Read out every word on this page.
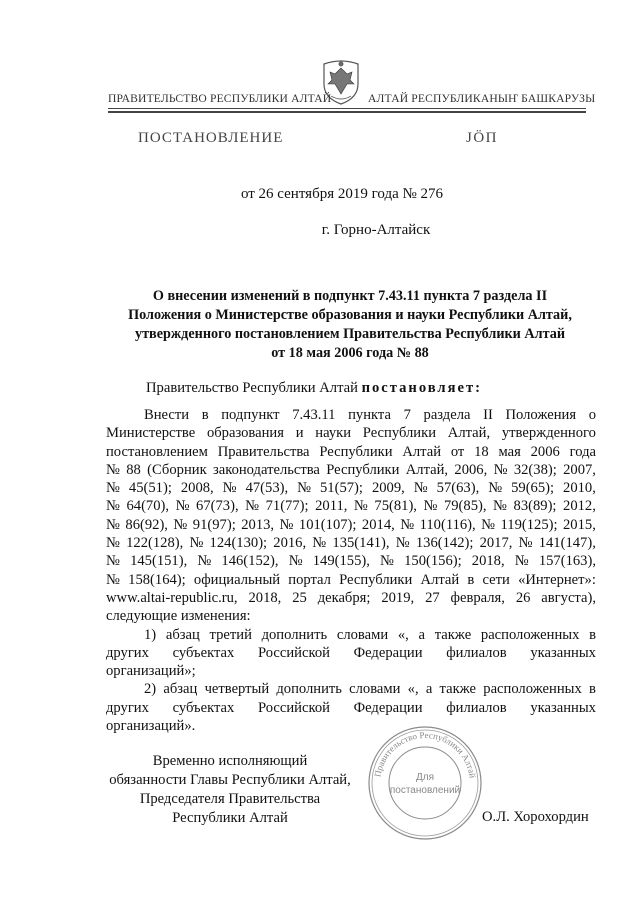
ПРАВИТЕЛЬСТВО РЕСПУБЛИКИ АЛТАЙ	АЛТАЙ РЕСПУБЛИКАНЫҤ БАШКАРУЗЫ
ПОСТАНОВЛЕНИЕ	ЈӦП
от 26 сентября 2019 года № 276
г. Горно-Алтайск
О внесении изменений в подпункт 7.43.11 пункта 7 раздела II
Положения о Министерстве образования и науки Республики Алтай,
утвержденного постановлением Правительства Республики Алтай
от 18 мая 2006 года № 88
Правительство Республики Алтай постановляет:
Внести в подпункт 7.43.11 пункта 7 раздела II Положения о
Министерстве образования и науки Республики Алтай, утвержденного
постановлением Правительства Республики Алтай от 18 мая 2006 года
№ 88 (Сборник законодательства Республики Алтай, 2006, № 32(38); 2007,
№ 45(51); 2008, № 47(53), № 51(57); 2009, № 57(63), № 59(65); 2010,
№ 64(70), № 67(73), № 71(77); 2011, № 75(81), № 79(85), № 83(89); 2012,
№ 86(92), № 91(97); 2013, № 101(107); 2014, № 110(116), № 119(125); 2015,
№ 122(128), № 124(130); 2016, № 135(141), № 136(142); 2017, № 141(147),
№ 145(151), № 146(152), № 149(155), № 150(156); 2018, № 157(163),
№ 158(164); официальный портал Республики Алтай в сети «Интернет»:
www.altai-republic.ru, 2018, 25 декабря; 2019, 27 февраля, 26 августа),
следующие изменения:
1) абзац третий дополнить словами «, а также расположенных в
других субъектах Российской Федерации филиалов указанных
организаций»;
2) абзац четвертый дополнить словами «, а также расположенных в
других субъектах Российской Федерации филиалов указанных
организаций».
Временно исполняющий
обязанности Главы Республики Алтай,
Председателя Правительства
Республики Алтай	О.Л. Хорохордин
Правительство Республики Алтай
Для
постановлений
